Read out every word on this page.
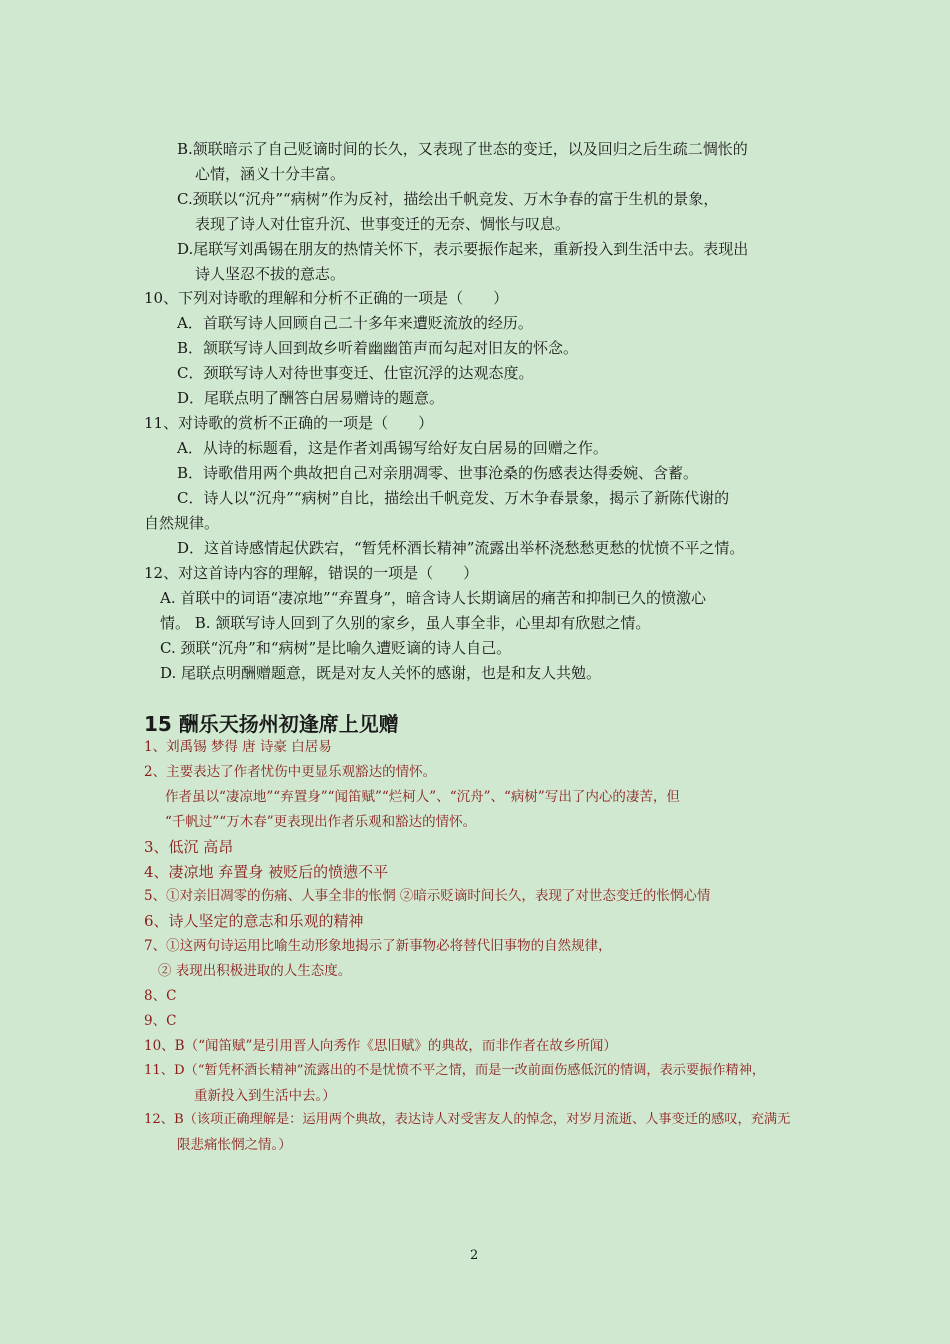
B.颔联暗示了自己贬谪时间的长久，又表现了世态的变迁，以及回归之后生疏二惆怅的
心情，涵义十分丰富。
C.颈联以“沉舟”“病树”作为反衬，描绘出千帆竞发、万木争春的富于生机的景象，
表现了诗人对仕宦升沉、世事变迁的无奈、惆怅与叹息。
D.尾联写刘禹锡在朋友的热情关怀下，表示要振作起来，重新投入到生活中去。表现出
诗人坚忍不拔的意志。
10、下列对诗歌的理解和分析不正确的一项是（　　）
A．首联写诗人回顾自己二十多年来遭贬流放的经历。
B．颔联写诗人回到故乡听着幽幽笛声而勾起对旧友的怀念。
C．颈联写诗人对待世事变迁、仕宦沉浮的达观态度。
D．尾联点明了酬答白居易赠诗的题意。
11、对诗歌的赏析不正确的一项是（　　）
A．从诗的标题看，这是作者刘禹锡写给好友白居易的回赠之作。
B．诗歌借用两个典故把自己对亲朋凋零、世事沧桑的伤感表达得委婉、含蓄。
C．诗人以“沉舟”“病树”自比，描绘出千帆竞发、万木争春景象，揭示了新陈代谢的
自然规律。
D．这首诗感情起伏跌宕，“暂凭杯酒长精神”流露出举杯浇愁愁更愁的忧愤不平之情。
12、对这首诗内容的理解，错误的一项是（　　）
A. 首联中的词语“凄凉地”“弃置身”，暗含诗人长期谪居的痛苦和抑制已久的愤激心
情。 B. 颔联写诗人回到了久别的家乡，虽人事全非，心里却有欣慰之情。
C. 颈联“沉舟”和“病树”是比喻久遭贬谪的诗人自己。
D. 尾联点明酬赠题意，既是对友人关怀的感谢，也是和友人共勉。
15 酬乐天扬州初逢席上见赠
1、刘禹锡 梦得 唐 诗豪 白居易
2、主要表达了作者忧伤中更显乐观豁达的情怀。
作者虽以“凄凉地”“弃置身”“闻笛赋”“烂柯人”、“沉舟”、“病树”写出了内心的凄苦，但
“千帆过”“万木春”更表现出作者乐观和豁达的情怀。
3、低沉 高昂
4、凄凉地 弃置身 被贬后的愤懑不平
5、①对亲旧凋零的伤痛、人事全非的怅惘 ②暗示贬谪时间长久，表现了对世态变迁的怅惘心情
6、诗人坚定的意志和乐观的精神
7、①这两句诗运用比喻生动形象地揭示了新事物必将替代旧事物的自然规律，
② 表现出积极进取的人生态度。
8、C
9、C
10、B（“闻笛赋”是引用晋人向秀作《思旧赋》的典故，而非作者在故乡所闻）
11、D（“暂凭杯酒长精神”流露出的不是忧愤不平之情，而是一改前面伤感低沉的情调，表示要振作精神，
重新投入到生活中去。）
12、B（该项正确理解是：运用两个典故，表达诗人对受害友人的悼念，对岁月流逝、人事变迁的感叹，充满无
限悲痛怅惘之情。）
2
